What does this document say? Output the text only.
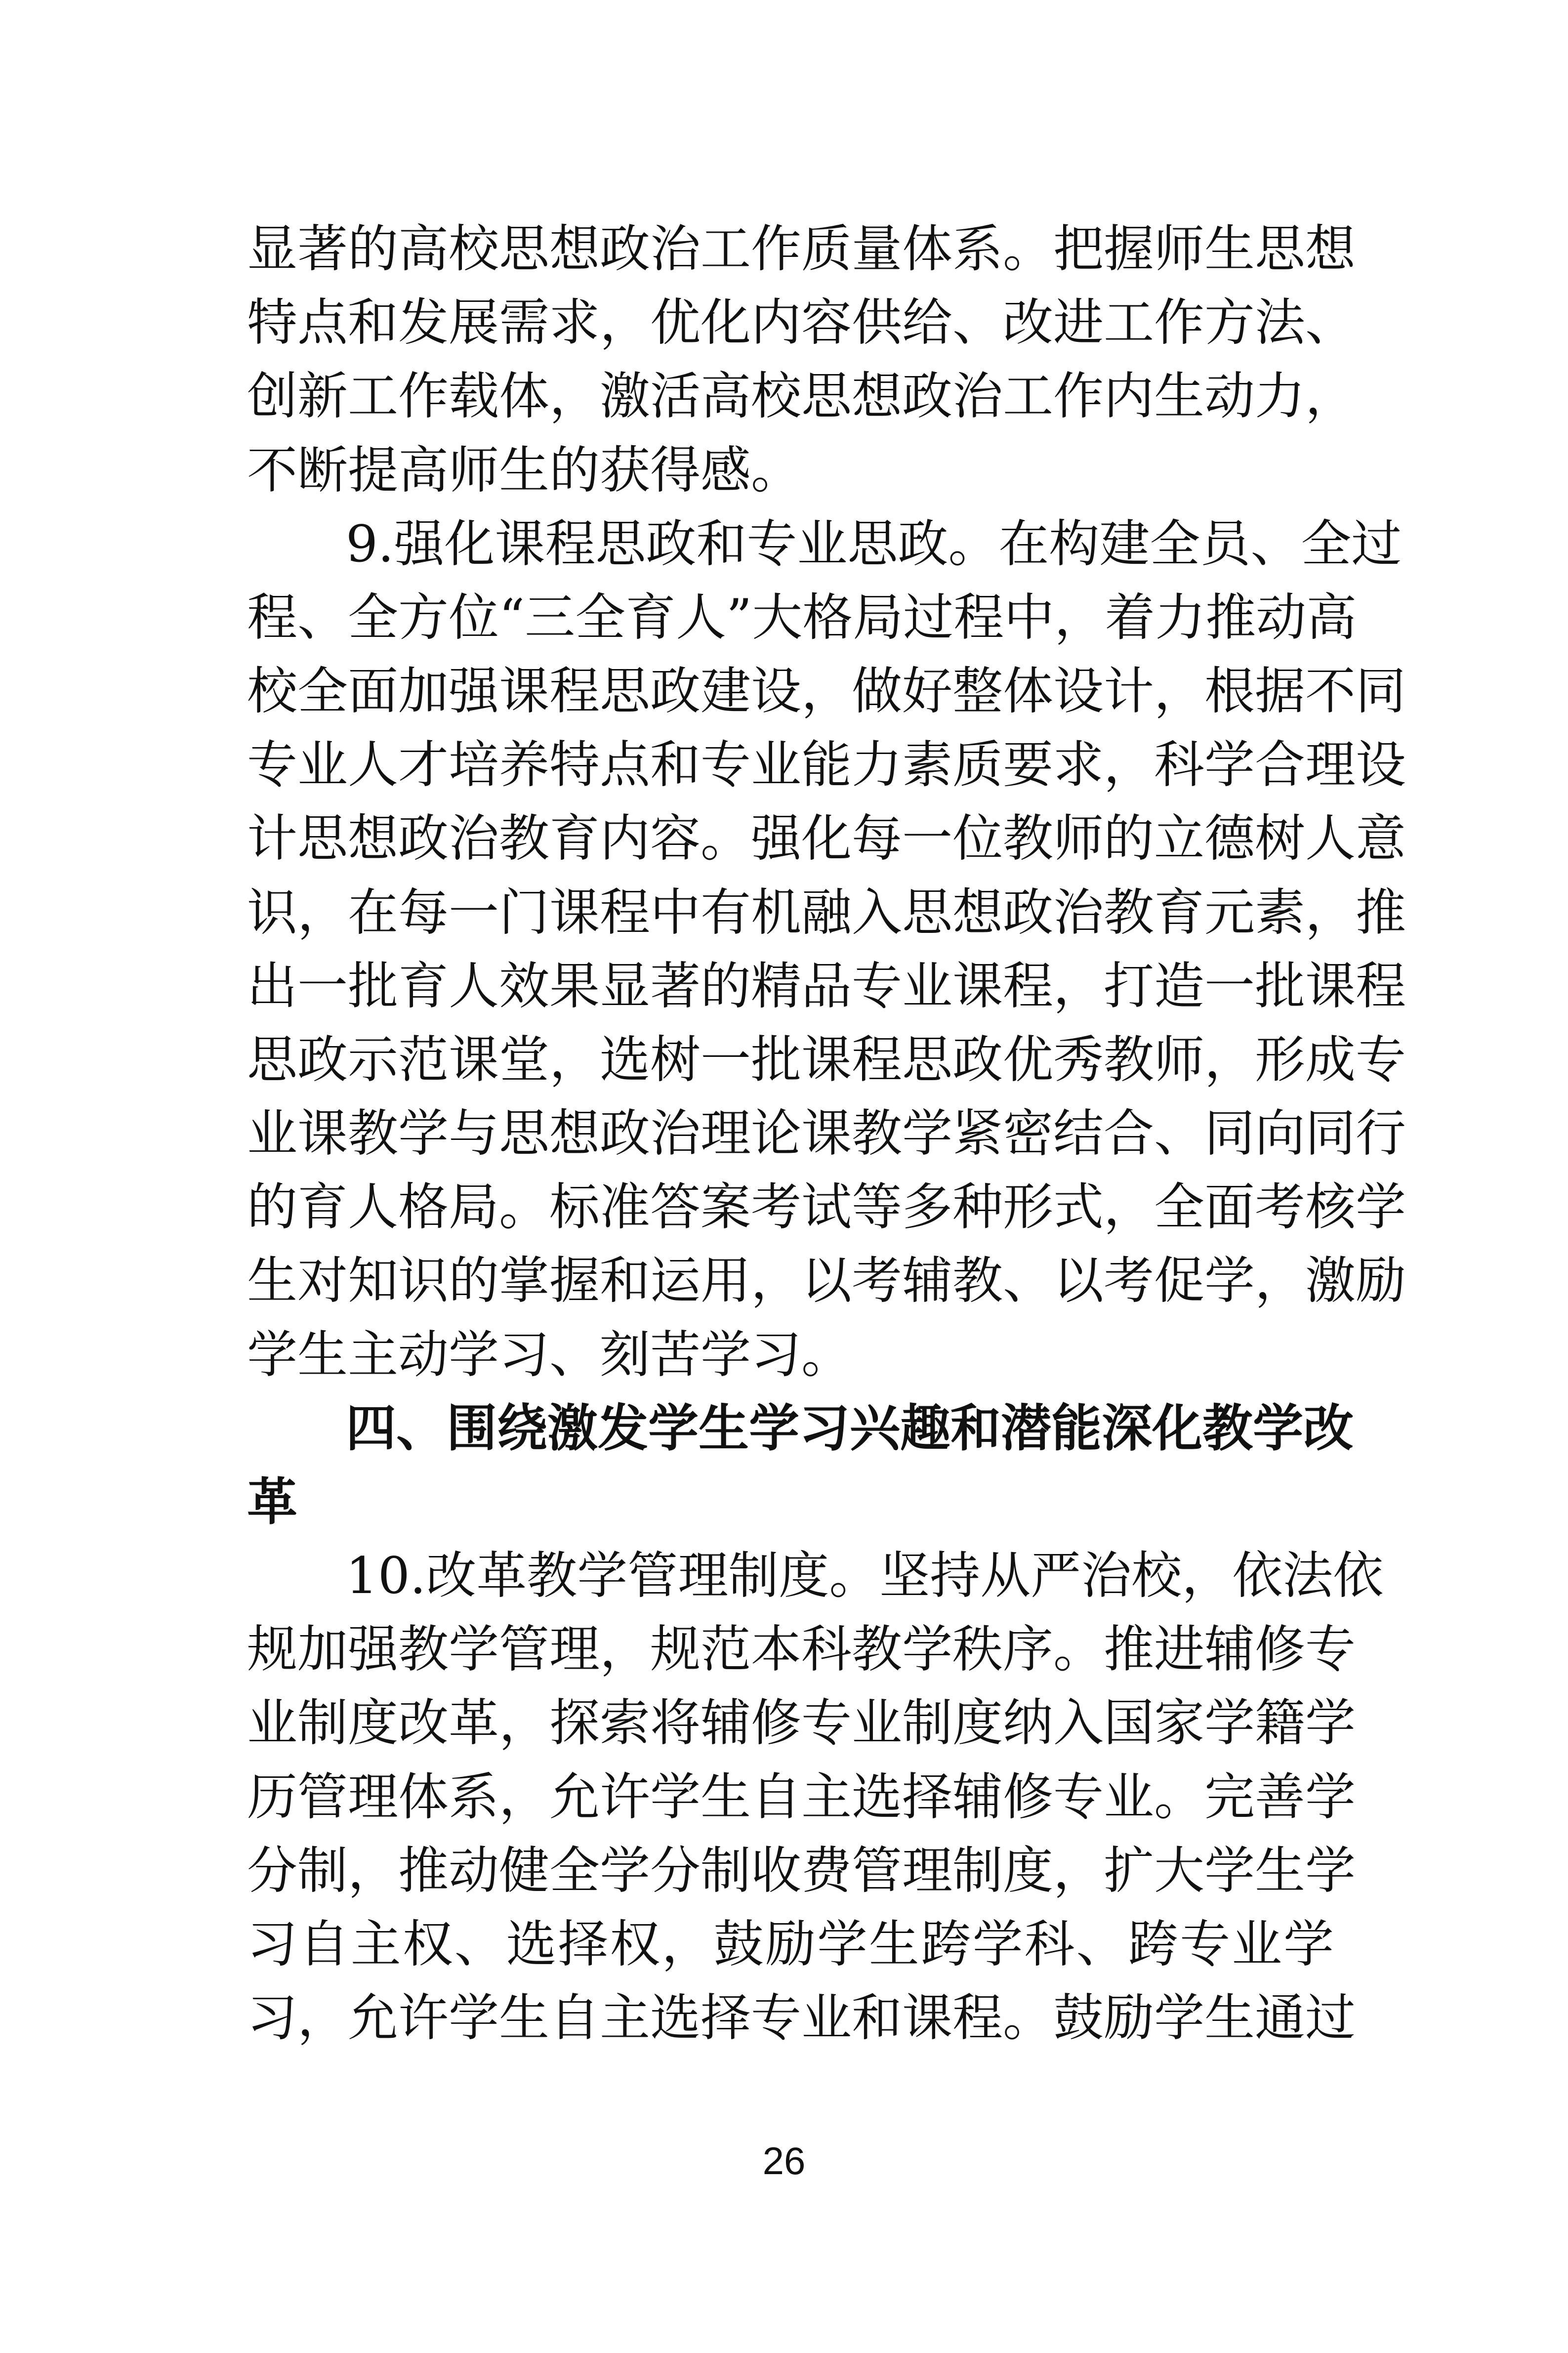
显著的高校思想政治工作质量体系。把握师生思想
特点和发展需求，优化内容供给、改进工作方法、
创新工作载体，激活高校思想政治工作内生动力，
不断提高师生的获得感。
9.强化课程思政和专业思政。在构建全员、全过
程、全方位“三全育人”大格局过程中，着力推动高
校全面加强课程思政建设，做好整体设计，根据不同
专业人才培养特点和专业能力素质要求，科学合理设
计思想政治教育内容。强化每一位教师的立德树人意
识，在每一门课程中有机融入思想政治教育元素，推
出一批育人效果显著的精品专业课程，打造一批课程
思政示范课堂，选树一批课程思政优秀教师，形成专
业课教学与思想政治理论课教学紧密结合、同向同行
的育人格局。标准答案考试等多种形式，全面考核学
生对知识的掌握和运用，以考辅教、以考促学，激励
学生主动学习、刻苦学习。
四、围绕激发学生学习兴趣和潜能深化教学改
革
10.改革教学管理制度。坚持从严治校，依法依
规加强教学管理，规范本科教学秩序。推进辅修专
业制度改革，探索将辅修专业制度纳入国家学籍学
历管理体系，允许学生自主选择辅修专业。完善学
分制，推动健全学分制收费管理制度，扩大学生学
习自主权、选择权，鼓励学生跨学科、跨专业学
习，允许学生自主选择专业和课程。鼓励学生通过
26
